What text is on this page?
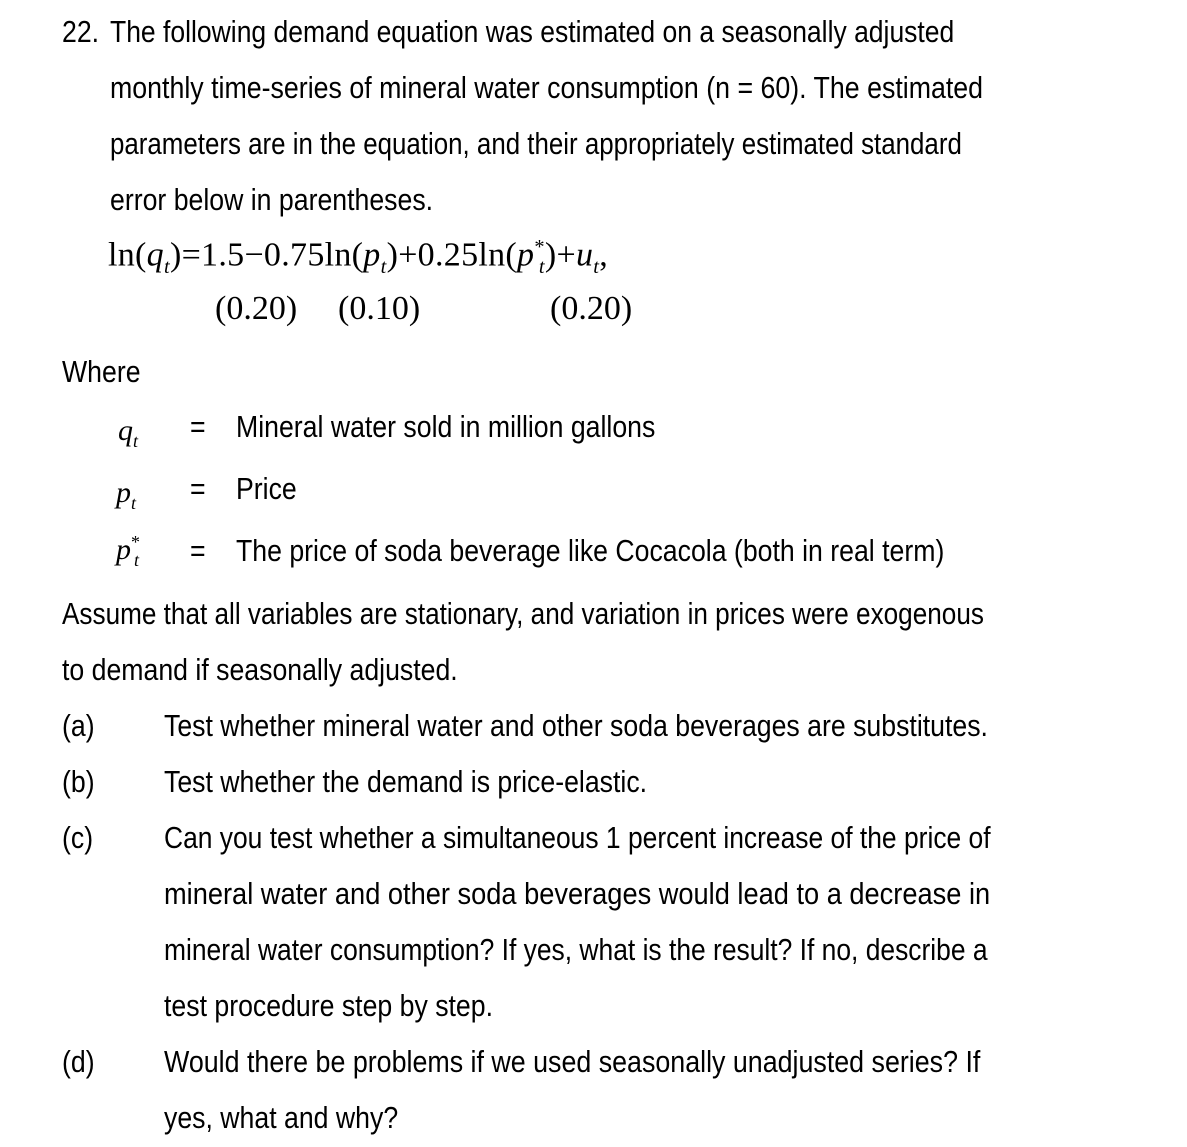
22. The following demand equation was estimated on a seasonally adjusted
monthly time-series of mineral water consumption (n = 60). The estimated
parameters are in the equation, and their appropriately estimated standard
error below in parentheses.
$\ln(q_t)=1.5-0.75\ln(p_t)+0.25\ln(p^*_t)+u_t$,
(0.20) (0.10)	(0.20)
Where
$q_t$ = Mineral water sold in million gallons
$p_t$ = Price
$p^*_t$ = The price of soda beverage like Cocacola (both in real term)
Assume that all variables are stationary, and variation in prices were exogenous
to demand if seasonally adjusted.
(a) Test whether mineral water and other soda beverages are substitutes.
(b) Test whether the demand is price-elastic.
(c) Can you test whether a simultaneous 1 percent increase of the price of
mineral water and other soda beverages would lead to a decrease in
mineral water consumption? If yes, what is the result? If no, describe a
test procedure step by step.
(d) Would there be problems if we used seasonally unadjusted series? If
yes, what and why?
